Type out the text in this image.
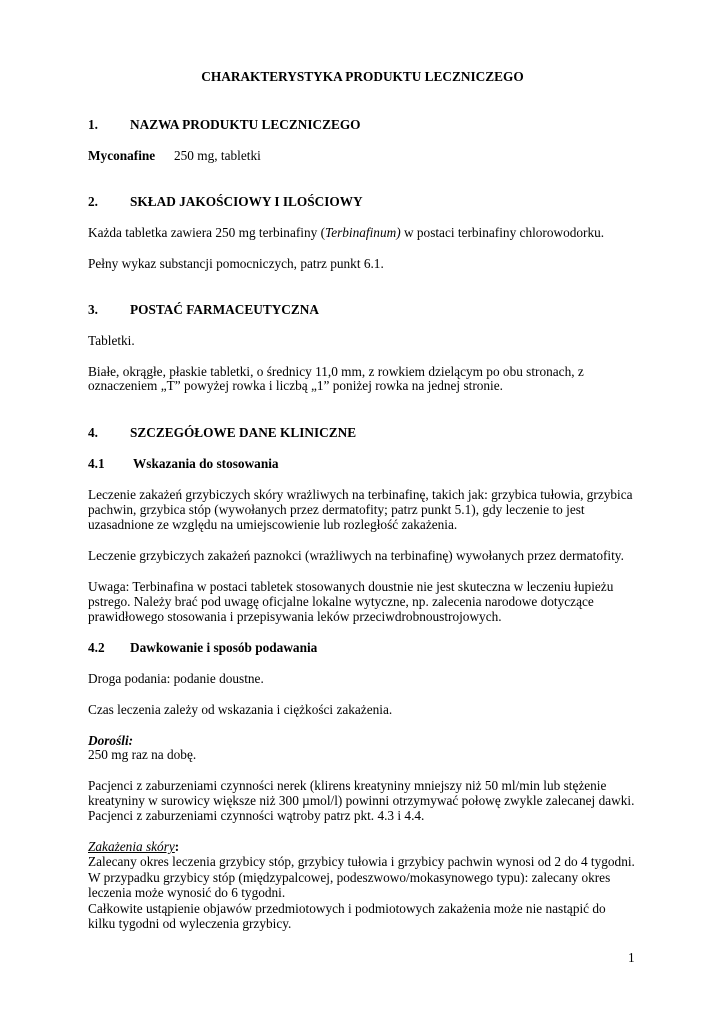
CHARAKTERYSTYKA PRODUKTU LECZNICZEGO
1. NAZWA PRODUKTU LECZNICZEGO
Myconafine 250 mg, tabletki
2. SKŁAD JAKOŚCIOWY I ILOŚCIOWY
Każda tabletka zawiera 250 mg terbinafiny (Terbinafinum) w postaci terbinafiny chlorowodorku.
Pełny wykaz substancji pomocniczych, patrz punkt 6.1.
3. POSTAĆ FARMACEUTYCZNA
Tabletki.
Białe, okrągłe, płaskie tabletki, o średnicy 11,0 mm, z rowkiem dzielącym po obu stronach, z
oznaczeniem „T” powyżej rowka i liczbą „1” poniżej rowka na jednej stronie.
4. SZCZEGÓŁOWE DANE KLINICZNE
4.1 Wskazania do stosowania
Leczenie zakażeń grzybiczych skóry wrażliwych na terbinafinę, takich jak: grzybica tułowia, grzybica
pachwin, grzybica stóp (wywołanych przez dermatofity; patrz punkt 5.1), gdy leczenie to jest
uzasadnione ze względu na umiejscowienie lub rozległość zakażenia.
Leczenie grzybiczych zakażeń paznokci (wrażliwych na terbinafinę) wywołanych przez dermatofity.
Uwaga: Terbinafina w postaci tabletek stosowanych doustnie nie jest skuteczna w leczeniu łupieżu
pstrego. Należy brać pod uwagę oficjalne lokalne wytyczne, np. zalecenia narodowe dotyczące
prawidłowego stosowania i przepisywania leków przeciwdrobnoustrojowych.
4.2 Dawkowanie i sposób podawania
Droga podania: podanie doustne.
Czas leczenia zależy od wskazania i ciężkości zakażenia.
Dorośli:
250 mg raz na dobę.
Pacjenci z zaburzeniami czynności nerek (klirens kreatyniny mniejszy niż 50 ml/min lub stężenie
kreatyniny w surowicy większe niż 300 µmol/l) powinni otrzymywać połowę zwykle zalecanej dawki.
Pacjenci z zaburzeniami czynności wątroby patrz pkt. 4.3 i 4.4.
Zakażenia skóry:
Zalecany okres leczenia grzybicy stóp, grzybicy tułowia i grzybicy pachwin wynosi od 2 do 4 tygodni.
W przypadku grzybicy stóp (międzypalcowej, podeszwowo/mokasynowego typu): zalecany okres
leczenia może wynosić do 6 tygodni.
Całkowite ustąpienie objawów przedmiotowych i podmiotowych zakażenia może nie nastąpić do
kilku tygodni od wyleczenia grzybicy.
1
